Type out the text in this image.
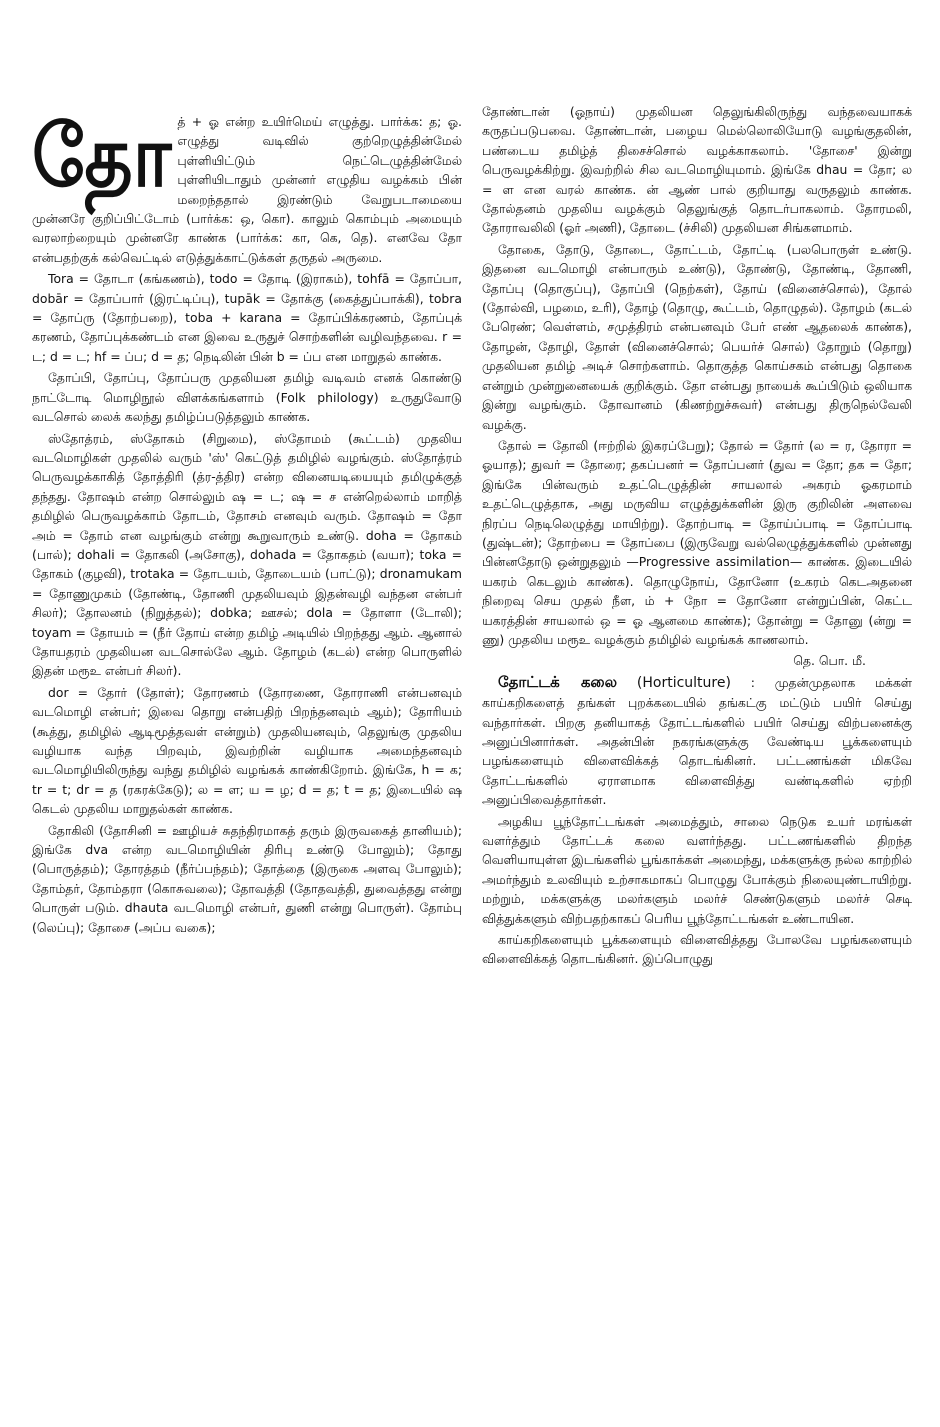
தோ த் + ஓ என்ற உயிர்மெய் எழுத்து. பார்க்க: த; ஓ. எழுத்து வடிவில் குற்றெழுத்தின்மேல் புள்ளியிட்டும் நெட்டெழுத்தின்மேல் புள்ளியிடாதும் முன்னர் எழுதிய வழக்கம் பின் மறைந்ததால் இரண்டும் வேறுபடாமையை முன்னரே குறிப்பிட்டோம் (பார்க்க: ஒ, கொ). காலும் கொம்பும் அமையும் வரலாற்றையும் முன்னரே காண்க (பார்க்க: கா, கெ, தெ). எனவே தோ என்பதற்குக் கல்வெட்டில் எடுத்துக்காட்டுக்கள் தருதல் அருமை.

Tora = தோடா (கங்கணம்), todo = தோடி (இராகம்), tohfā = தோப்பா, dobār = தோப்பார் (இரட்டிப்பு), tupāk = தோக்கு (கைத்துப்பாக்கி), tobra = தோப்ரு (தோற்பறை), toba + karana = தோப்பிக்கரணம், தோப்புக் கரணம், தோப்புக்கண்டம் என இவை உருதுச் சொற்களின் வழிவந்தவை. r = ட; d = ட; hf = ப்ப; d = த; நெடிலின் பின் b = ப்ப என மாறுதல் காண்க.

தோப்பி, தோப்பு, தோப்பரு முதலியன தமிழ் வடிவம் எனக் கொண்டு நாட்டோடி மொழிநூல் விளக்கங்களாம் (Folk philology) உருதுவோடு வடசொல் லைக் கலந்து தமிழ்ப்படுத்தலும் காண்க.

ஸ்தோத்ரம், ஸ்தோகம் (சிறுமை), ஸ்தோமம் (கூட்டம்) முதலிய வடமொழிகள் முதலில் வரும் 'ஸ்' கெட்டுத் தமிழில் வழங்கும். ஸ்தோத்ரம் பெருவழக்காகித் தோத்திரி (த்ர-த்திர) என்ற வினையடியையும் தமிழுக்குத் தந்தது. தோஷம் என்ற சொல்லும் ஷ = ட; ஷ = ச என்றெல்லாம் மாறித் தமிழில் பெருவழக்காம் தோடம், தோசம் எனவும் வரும். தோஷம் = தோ அம் = தோம் என வழங்கும் என்று கூறுவாரும் உண்டு. doha = தோகம் (பால்); dohali = தோகலி (அசோகு), dohada = தோகதம் (வயா); toka = தோகம் (குழவி), trotaka = தோடயம், தோடையம் (பாட்டு); dronamukam = தோணுமுகம் (தோண்டி, தோணி முதலியவும் இதன்வழி வந்தன என்பர் சிலர்); தோலனம் (நிறுத்தல்); dobka; ஊசல்; dola = தோளா (டோலி); toyam = தோயம் = (நீர் தோய் என்ற தமிழ் அடியில் பிறந்தது ஆம். ஆனால் தோயதரம் முதலியன வடசொல்லே ஆம். தோழம் (கடல்) என்ற பொருளில் இதன் மரூஉ என்பர் சிலர்).

dor = தோர் (தோள்); தோரணம் (தோரணை, தோராணி என்பனவும் வடமொழி என்பர்; இவை தொறு என்பதிற் பிறந்தனவும் ஆம்); தோரியம் (கூத்து, தமிழில் ஆடிமூத்தவள் என்றும்) முதலியனவும், தெலுங்கு முதலிய வழியாக வந்த பிறவும், இவற்றின் வழியாக அமைந்தனவும் வடமொழியிலிருந்து வந்து தமிழில் வழங்கக் காண்கிறோம். இங்கே, h = க; tr = t; dr = த (ரகரக்கேடு); ல = ள; ய = ழ; d = த; t = த; இடையில் ஷ கெடல் முதலிய மாறுதல்கள் காண்க.

தோகிலி (தோசினி = ஊழியச் சுதந்திரமாகத் தரும் இருவகைத் தானியம்); இங்கே dva என்ற வடமொழியின் திரிபு உண்டு போலும்); தோது (பொருத்தம்); தோரத்தம் (நீர்ப்பந்தம்); தோத்தை (இருகை அளவு போலும்); தோம்தர், தோம்தரா (கொசுவலை); தோவத்தி (தோதவத்தி, துவைத்தது என்று பொருள் படும். dhauta வடமொழி என்பர், துணி என்று பொருள்). தோம்பு (லெப்பு); தோசை (அப்ப வகை);

தோண்டான் (ஓநாய்) முதலியன தெலுங்கிலிருந்து வந்தவையாகக் கருதப்படுபவை. தோண்டான், பழைய மெல்லொலியோடு வழங்குதலின், பண்டைய தமிழ்த் திசைச்சொல் வழக்காகலாம். 'தோசை' இன்று பெருவழக்கிற்று. இவற்றில் சில வடமொழியுமாம். இங்கே dhau = தோ; ல = ள என வரல் காண்க. ன் ஆண் பால் குறியாது வருதலும் காண்க. தோல்தனம் முதலிய வழக்கும் தெலுங்குத் தொடர்பாகலாம். தோரமலி, தோராவலிலி (ஓர் அணி), தோடை (ச்சிலி) முதலியன சிங்களமாம்.

தோகை, தோடு, தோடை, தோட்டம், தோட்டி (பலபொருள் உண்டு. இதனை வடமொழி என்பாரும் உண்டு), தோண்டு, தோண்டி, தோணி, தோப்பு (தொகுப்பு), தோப்பி (நெற்கள்), தோய் (வினைச்சொல்), தோல் (தோல்வி, பழமை, உரி), தோழ் (தொழு, கூட்டம், தொழுதல்). தோழம் (கடல் பேரெண்; வெள்ளம், சமுத்திரம் என்பனவும் பேர் எண் ஆதலைக் காண்க), தோழன், தோழி, தோள் (வினைச்சொல்; பெயர்ச் சொல்) தோறும் (தொறு) முதலியன தமிழ் அடிச் சொற்களாம். தொகுத்த கொய்சகம் என்பது தொகை என்றும் முன்றுனையைக் குறிக்கும். தோ என்பது நாயைக் கூப்பிடும் ஒலியாக இன்று வழங்கும். தோவானம் (கிணற்றுச்சுவர்) என்பது திருநெல்வேலி வழக்கு.

தோல் = தோலி (ஈற்றில் இகரப்பேறு); தோல் = தோர் (ல = ர, தோரா = ஓயாத); துவர் = தோரை; தகப்பனர் = தோப்பனர் (துவ = தோ; தக = தோ; இங்கே பின்வரும் உதட்டெழுத்தின் சாயலால் அகரம் ஓகரமாம் உதட்டெழுத்தாக, அது மருவிய எழுத்துக்களின் இரு குறிலின் அளவை நிரப்ப நெடிலெழுத்து மாயிற்று). தோற்பாடி = தோய்ப்பாடி = தோப்பாடி (துஷ்டன்); தோற்பை = தோப்பை (இருவேறு வல்லெழுத்துக்களில் முன்னது பின்னதோடு ஒன்றுதலும் —Progressive assimilation— காண்க. இடையில் யகரம் கெடலும் காண்க). தொழுநோய், தோனோ (உகரம் கெடஅதனை நிறைவு செய முதல் நீள, ம் + நோ = தோனோ என்றுப்பின், கெட்ட யகரத்தின் சாயலால் ஒ = ஓ ஆனமை காண்க); தோன்று = தோனு (ன்று = ணு) முதலிய மரூஉ வழக்கும் தமிழில் வழங்கக் காணலாம்.

தெ. பொ. மீ.

தோட்டக் கலை (Horticulture) : முதன்முதலாக மக்கள் காய்கறிகளைத் தங்கள் புறக்கடையில் தங்கட்கு மட்டும் பயிர் செய்து வந்தார்கள். பிறகு தனியாகத் தோட்டங்களில் பயிர் செய்து விற்பனைக்கு அனுப்பினார்கள். அதன்பின் நகரங்களுக்கு வேண்டிய பூக்களையும் பழங்களையும் விளைவிக்கத் தொடங்கினர். பட்டணங்கள் மிகவே தோட்டங்களில் ஏராளமாக விளைவித்து வண்டிகளில் ஏற்றி அனுப்பிவைத்தார்கள்.

அழகிய பூந்தோட்டங்கள் அமைத்தும், சாலை நெடுக உயர் மரங்கள் வளர்த்தும் தோட்டக் கலை வளர்ந்தது. பட்டணங்களில் திறந்த வெளியாயுள்ள இடங்களில் பூங்காக்கள் அமைந்து, மக்களுக்கு நல்ல காற்றில் அமர்ந்தும் உலவியும் உற்சாகமாகப் பொழுது போக்கும் நிலையுண்டாயிற்று. மற்றும், மக்களுக்கு மலர்களும் மலர்ச் செண்டுகளும் மலர்ச் செடி வித்துக்களும் விற்பதற்காகப் பெரிய பூந்தோட்டங்கள் உண்டாயின.

காய்கறிகளையும் பூக்களையும் விளைவித்தது போலவே பழங்களையும் விளைவிக்கத் தொடங்கினர். இப்பொழுது
